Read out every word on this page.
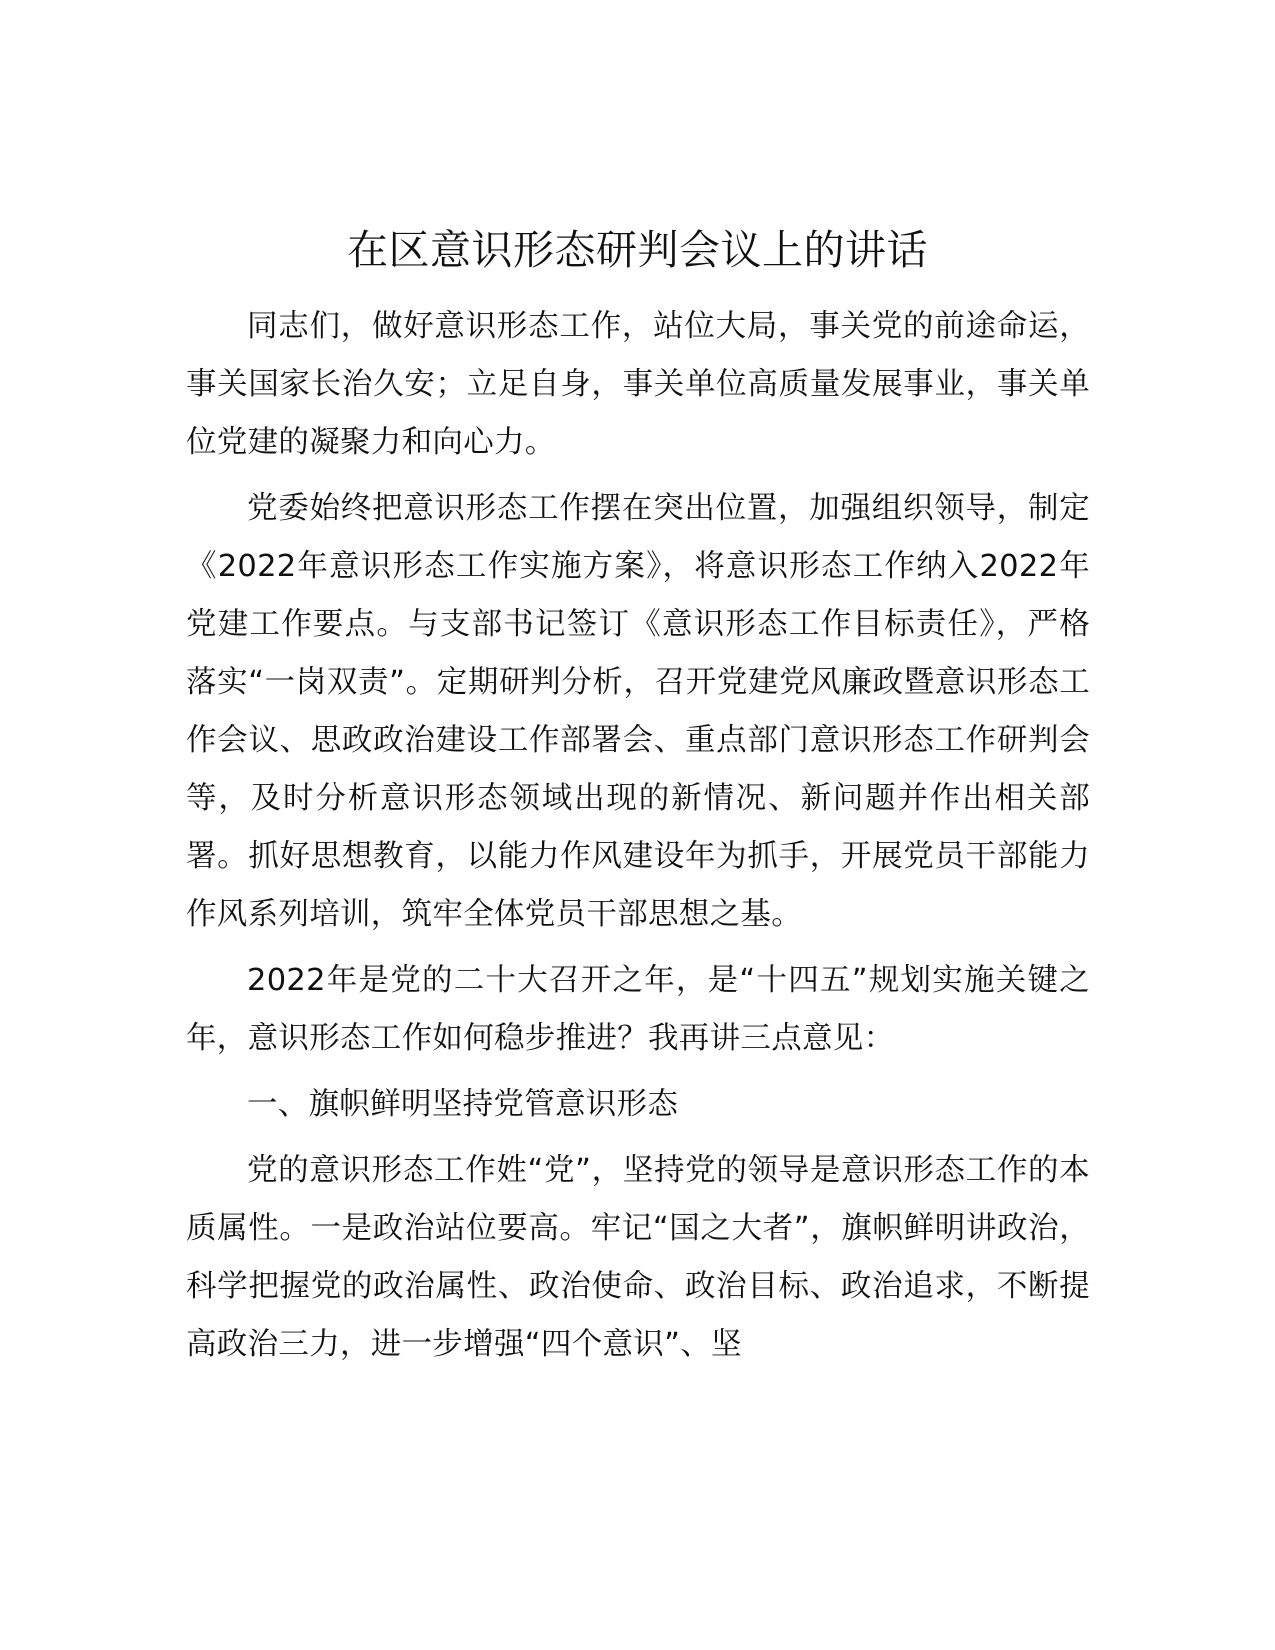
在区意识形态研判会议上的讲话

同志们，做好意识形态工作，站位大局，事关党的前途命运，事关国家长治久安；立足自身，事关单位高质量发展事业，事关单位党建的凝聚力和向心力。

党委始终把意识形态工作摆在突出位置，加强组织领导，制定《2022年意识形态工作实施方案》，将意识形态工作纳入2022年党建工作要点。与支部书记签订《意识形态工作目标责任》，严格落实“一岗双责”。定期研判分析，召开党建党风廉政暨意识形态工作会议、思政政治建设工作部署会、重点部门意识形态工作研判会等，及时分析意识形态领域出现的新情况、新问题并作出相关部署。抓好思想教育，以能力作风建设年为抓手，开展党员干部能力作风系列培训，筑牢全体党员干部思想之基。

2022年是党的二十大召开之年，是“十四五”规划实施关键之年，意识形态工作如何稳步推进？我再讲三点意见：

一、旗帜鲜明坚持党管意识形态

党的意识形态工作姓“党”，坚持党的领导是意识形态工作的本质属性。一是政治站位要高。牢记“国之大者”，旗帜鲜明讲政治，科学把握党的政治属性、政治使命、政治目标、政治追求，不断提高政治三力，进一步增强“四个意识”、坚
